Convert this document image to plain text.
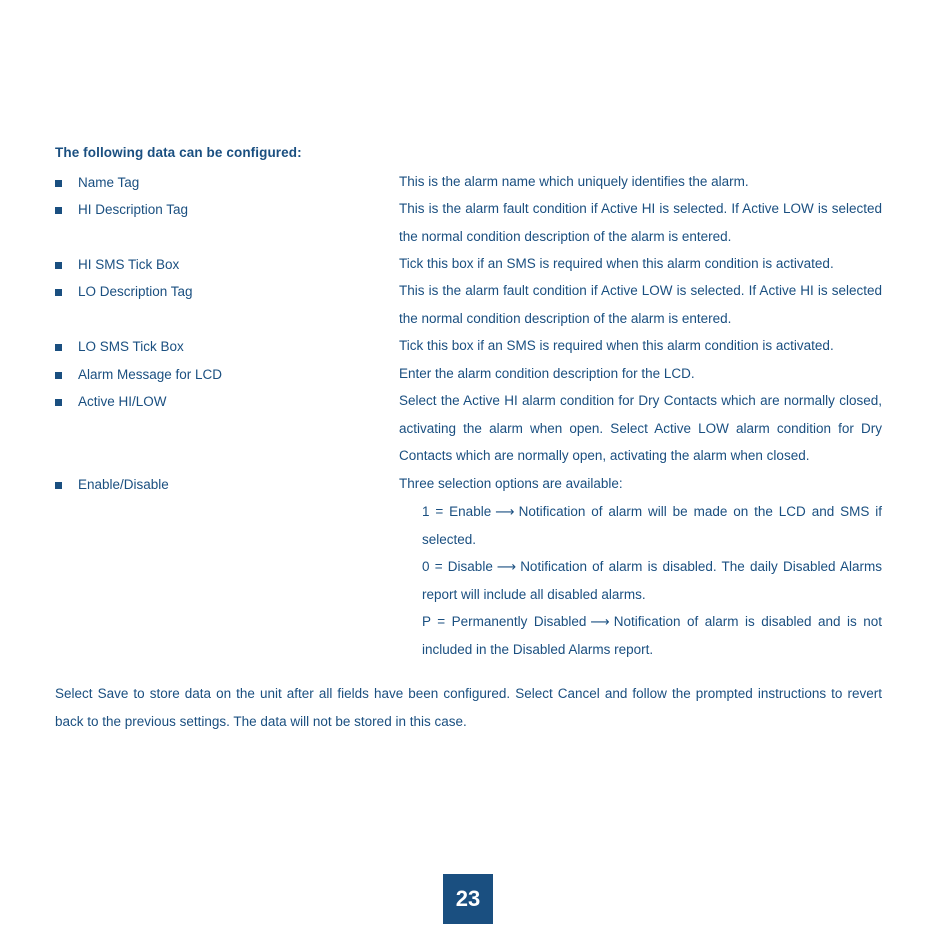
The following data can be configured:
Name Tag	This is the alarm name which uniquely identifies the alarm.
HI Description Tag	This is the alarm fault condition if Active HI is selected. If Active LOW is selected the normal condition description of the alarm is entered.
HI SMS Tick Box	Tick this box if an SMS is required when this alarm condition is activated.
LO Description Tag	This is the alarm fault condition if Active LOW is selected. If Active HI is selected the normal condition description of the alarm is entered.
LO SMS Tick Box	Tick this box if an SMS is required when this alarm condition is activated.
Alarm Message for LCD	Enter the alarm condition description for the LCD.
Active HI/LOW	Select the Active HI alarm condition for Dry Contacts which are normally closed, activating the alarm when open. Select Active LOW alarm condition for Dry Contacts which are normally open, activating the alarm when closed.
Enable/Disable	Three selection options are available:
1 = Enable ⟶ Notification of alarm will be made on the LCD and SMS if selected.
0 = Disable ⟶ Notification of alarm is disabled. The daily Disabled Alarms report will include all disabled alarms.
P = Permanently Disabled ⟶ Notification of alarm is disabled and is not included in the Disabled Alarms report.
Select Save to store data on the unit after all fields have been configured. Select Cancel and follow the prompted instructions to revert back to the previous settings. The data will not be stored in this case.
23
